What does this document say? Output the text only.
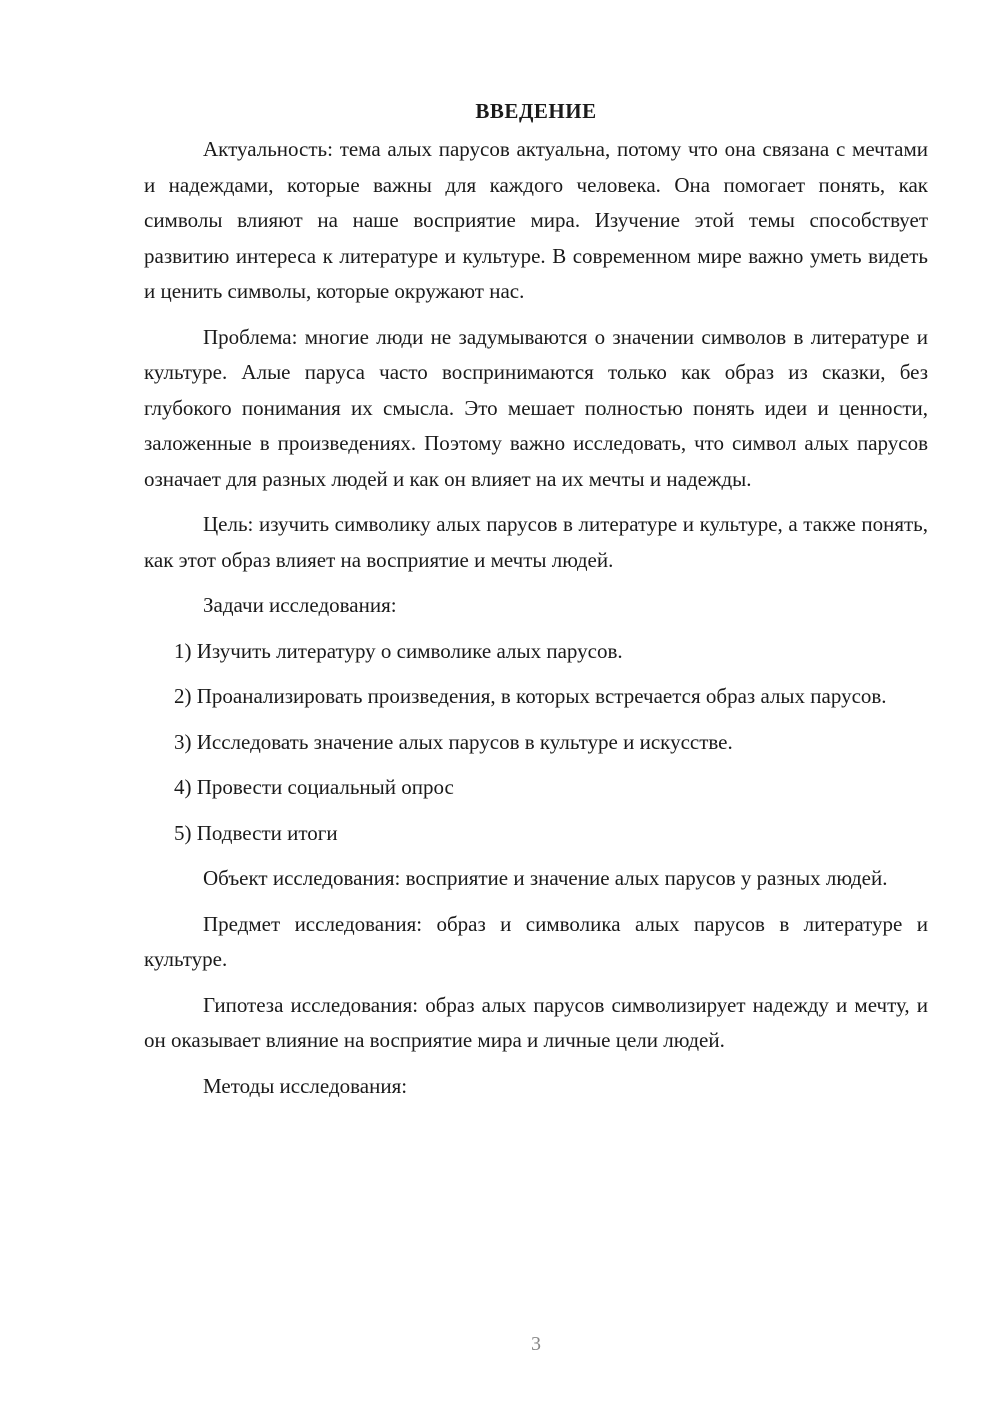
ВВЕДЕНИЕ

Актуальность: тема алых парусов актуальна, потому что она связана с мечтами и надеждами, которые важны для каждого человека. Она помогает понять, как символы влияют на наше восприятие мира. Изучение этой темы способствует развитию интереса к литературе и культуре. В современном мире важно уметь видеть и ценить символы, которые окружают нас.

Проблема: многие люди не задумываются о значении символов в литературе и культуре. Алые паруса часто воспринимаются только как образ из сказки, без глубокого понимания их смысла. Это мешает полностью понять идеи и ценности, заложенные в произведениях. Поэтому важно исследовать, что символ алых парусов означает для разных людей и как он влияет на их мечты и надежды.

Цель: изучить символику алых парусов в литературе и культуре, а также понять, как этот образ влияет на восприятие и мечты людей.

Задачи исследования:

1) Изучить литературу о символике алых парусов.

2) Проанализировать произведения, в которых встречается образ алых парусов.

3) Исследовать значение алых парусов в культуре и искусстве.

4) Провести социальный опрос

5) Подвести итоги

Объект исследования: восприятие и значение алых парусов у разных людей.

Предмет исследования: образ и символика алых парусов в литературе и культуре.

Гипотеза исследования: образ алых парусов символизирует надежду и мечту, и он оказывает влияние на восприятие мира и личные цели людей.

Методы исследования:

3
